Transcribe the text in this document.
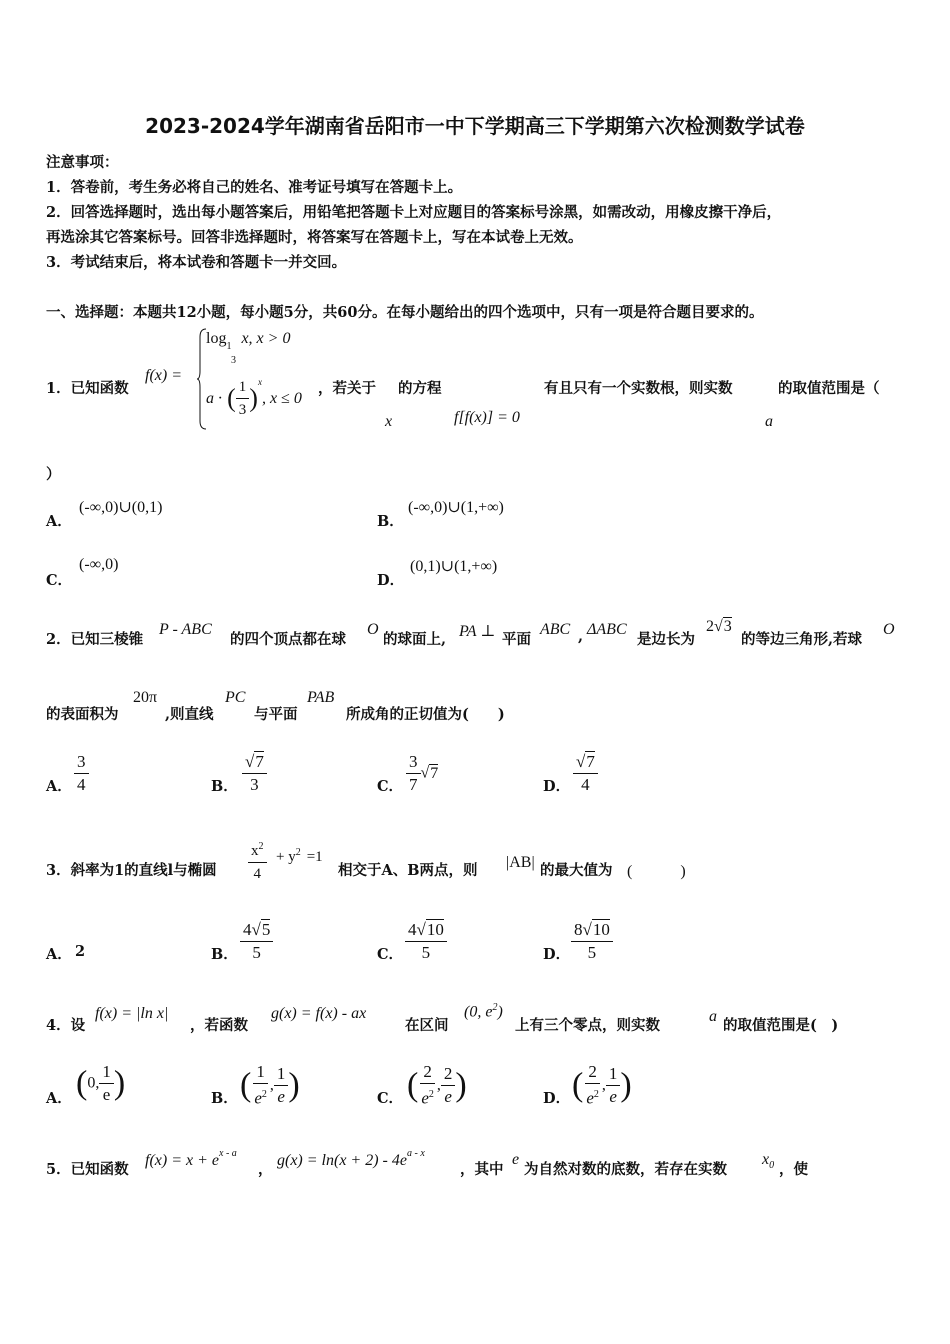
2023-2024学年湖南省岳阳市一中下学期高三下学期第六次检测数学试卷
注意事项：
1．答卷前，考生务必将自己的姓名、准考证号填写在答题卡上。
2．回答选择题时，选出每小题答案后，用铅笔把答题卡上对应题目的答案标号涂黑，如需改动，用橡皮擦干净后，
再选涂其它答案标号。回答非选择题时，将答案写在答题卡上，写在本试卷上无效。
3．考试结束后，将本试卷和答题卡一并交回。
一、选择题：本题共12小题，每小题5分，共60分。在每小题给出的四个选项中，只有一项是符合题目要求的。
1．已知函数
f(x) =
$\log_1 x$, x > 0
3
a · ( $\frac{1}{3} )^x$, x ≤ 0
，若关于
x
的方程
f[f(x)] = 0
有且只有一个实数根，则实数
a
的取值范围是（
）
A．
(-∞,0)∪(0,1)
B．
(-∞,0)∪(1,+∞)
C．
(-∞,0)
D．
(0,1)∪(1,+∞)
2．已知三棱锥
P - ABC
的四个顶点都在球
O
的球面上, PA ⊥ 平面
ABC , ΔABC
是边长为
2√3
的等边三角形,若球
O
的表面积为
20π
,则直线
PC
与平面
PAB
所成角的正切值为(　　)
A． $\frac{3}{4}$	B． $\frac{√7}{3}$	C． $\frac{3}{7} √7$
D． $\frac{√7}{4}$
3．斜率为1的直线l与椭圆 $\frac{x^2}{4} + y^2 =1$
相交于A、B两点，则 |AB| 的最大值为 (　　　)
A． 2	B． $\frac{4√5}{5}$	C． $\frac{4√10}{5}$	D． $\frac{8√10}{5}$
4．设
f(x) = |ln x|
，若函数
g(x) = f(x) - ax
在区间
(0, $e^2$)
上有三个零点，则实数
a
的取值范围是(　)
A． (0, $\frac{1}{e}$ )	B． ( $\frac{1}{e^2}$ , $\frac{1}{e}$ )	C． ( $\frac{2}{e^2}$ , $\frac{2}{e}$ )	D． ( $\frac{2}{e^2}$ , $\frac{1}{e}$ )
5．已知函数
$f(x) = x + e^{x - a}$
，
$g(x) = \ln(x + 2) - 4e^{a - x}$
，其中
e
为自然对数的底数，若存在实数
$x_0$ ，使
